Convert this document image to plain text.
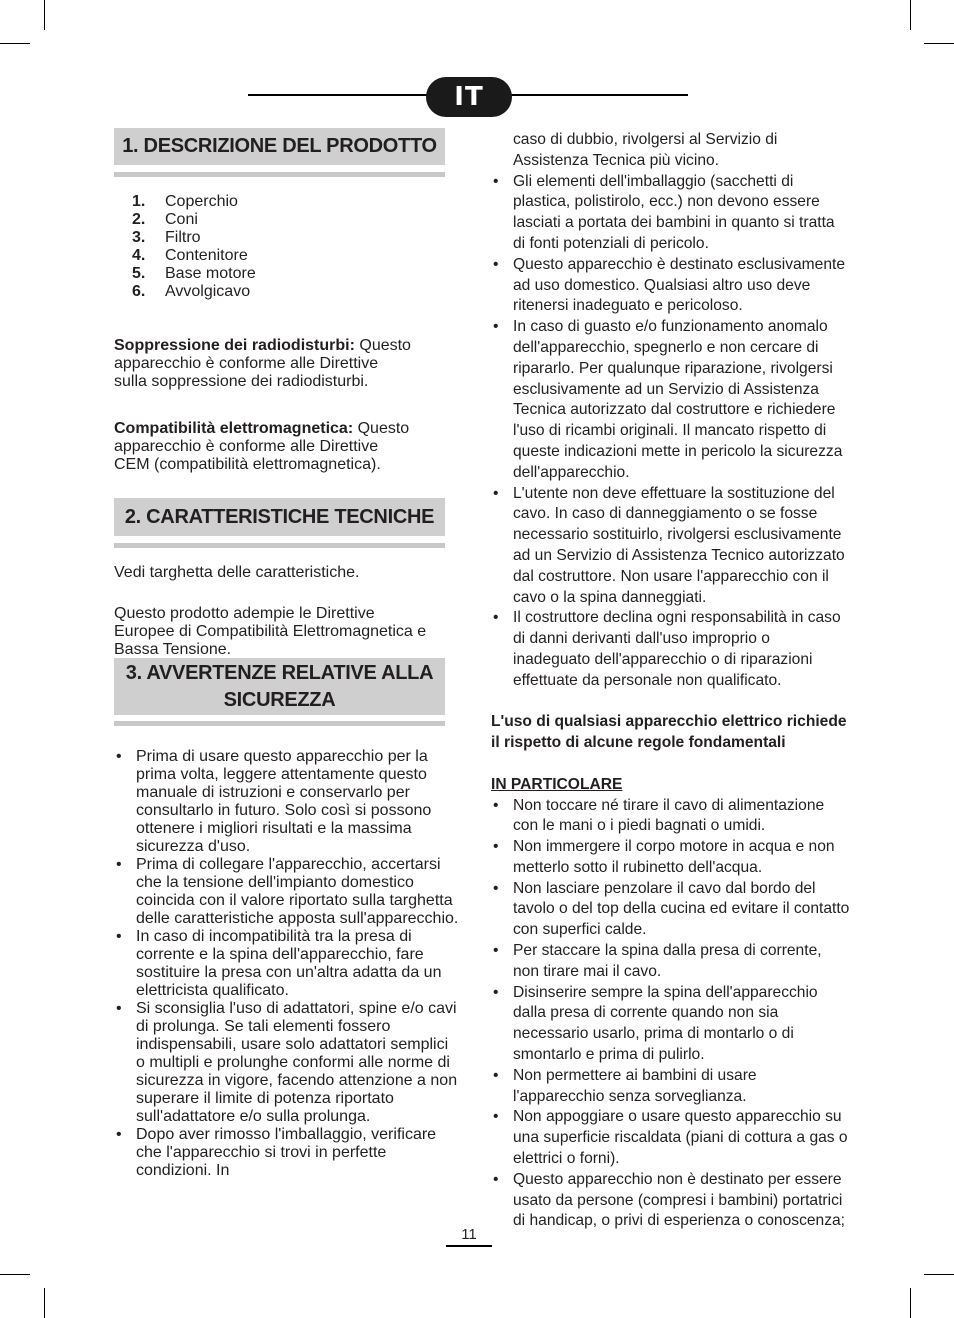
IT
1. DESCRIZIONE DEL PRODOTTO
1.	Coperchio
2.	Coni
3.	Filtro
4.	Contenitore
5.	Base motore
6.	Avvolgicavo

Soppressione dei radiodisturbi: Questo apparecchio è conforme alle Direttive sulla soppressione dei radiodisturbi.

Compatibilità elettromagnetica: Questo apparecchio è conforme alle Direttive CEM (compatibilità elettromagnetica).

2. CARATTERISTICHE TECNICHE

Vedi targhetta delle caratteristiche.

Questo prodotto adempie le Direttive Europee di Compatibilità Elettromagnetica e Bassa Tensione.

3. AVVERTENZE RELATIVE ALLA
SICUREZZA
• Prima di usare questo apparecchio per la prima volta, leggere attentamente questo manuale di istruzioni e conservarlo per consultarlo in futuro. Solo così si possono ottenere i migliori risultati e la massima sicurezza d'uso.
• Prima di collegare l'apparecchio, accertarsi che la tensione dell'impianto domestico coincida con il valore riportato sulla targhetta delle caratteristiche apposta sull'apparecchio.
• In caso di incompatibilità tra la presa di corrente e la spina dell'apparecchio, fare sostituire la presa con un'altra adatta da un elettricista qualificato.
• Si sconsiglia l'uso di adattatori, spine e/o cavi di prolunga. Se tali elementi fossero indispensabili, usare solo adattatori semplici o multipli e prolunghe conformi alle norme di sicurezza in vigore, facendo attenzione a non superare il limite di potenza riportato sull'adattatore e/o sulla prolunga.
• Dopo aver rimosso l'imballaggio, verificare che l'apparecchio si trovi in perfette condizioni. In

caso di dubbio, rivolgersi al Servizio di Assistenza Tecnica più vicino.

• Gli elementi dell'imballaggio (sacchetti di plastica, polistirolo, ecc.) non devono essere lasciati a portata dei bambini in quanto si tratta di fonti potenziali di pericolo.
• Questo apparecchio è destinato esclusivamente ad uso domestico. Qualsiasi altro uso deve ritenersi inadeguato e pericoloso.
• In caso di guasto e/o funzionamento anomalo dell'apparecchio, spegnerlo e non cercare di ripararlo. Per qualunque riparazione, rivolgersi esclusivamente ad un Servizio di Assistenza Tecnica autorizzato dal costruttore e richiedere l'uso di ricambi originali. Il mancato rispetto di queste indicazioni mette in pericolo la sicurezza dell'apparecchio.
• L'utente non deve effettuare la sostituzione del cavo. In caso di danneggiamento o se fosse necessario sostituirlo, rivolgersi esclusivamente ad un Servizio di Assistenza Tecnico autorizzato dal costruttore. Non usare l'apparecchio con il cavo o la spina danneggiati.
• Il costruttore declina ogni responsabilità in caso di danni derivanti dall'uso improprio o inadeguato dell'apparecchio o di riparazioni effettuate da personale non qualificato.

L'uso di qualsiasi apparecchio elettrico richiede il rispetto di alcune regole fondamentali

IN PARTICOLARE

• Non toccare né tirare il cavo di alimentazione con le mani o i piedi bagnati o umidi.
• Non immergere il corpo motore in acqua e non metterlo sotto il rubinetto dell'acqua.
• Non lasciare penzolare il cavo dal bordo del tavolo o del top della cucina ed evitare il contatto con superfici calde.
• Per staccare la spina dalla presa di corrente, non tirare mai il cavo.
• Disinserire sempre la spina dell'apparecchio dalla presa di corrente quando non sia necessario usarlo, prima di montarlo o di smontarlo e prima di pulirlo.
• Non permettere ai bambini di usare l'apparecchio senza sorveglianza.
• Non appoggiare o usare questo apparecchio su una superficie riscaldata (piani di cottura a gas o elettrici o forni).
• Questo apparecchio non è destinato per essere usato da persone (compresi i bambini) portatrici di handicap, o privi di esperienza o conoscenza;
11
